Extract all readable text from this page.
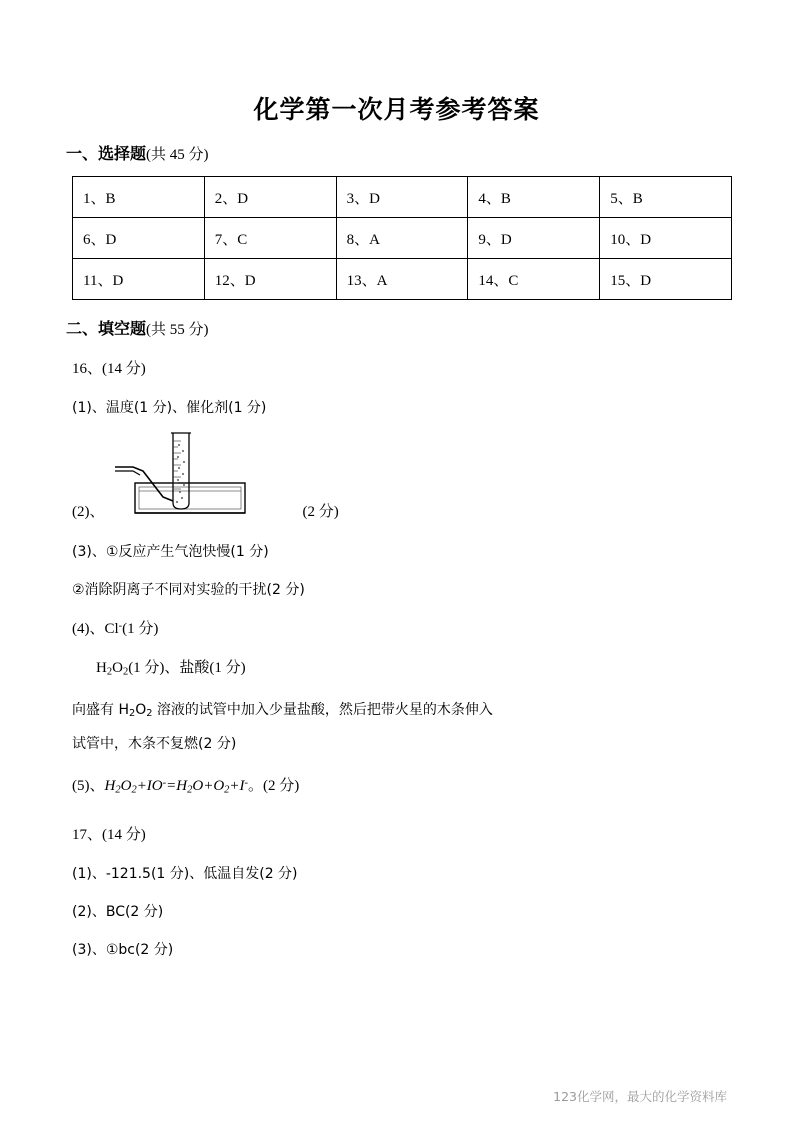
化学第一次月考参考答案
一、选择题(共 45 分)
1、B	2、D	3、D	4、B	5、B
6、D	7、C	8、A	9、D	10、D
11、D	12、D	13、A	14、C	15、D
二、填空题(共 55 分)
16、(14 分)
(1)、温度(1 分)、催化剂(1 分)
(2)、	(2 分)
(3)、①反应产生气泡快慢(1 分)
②消除阴离子不同对实验的干扰(2 分)
(4)、Cl-(1 分)
$H_2O_2(1$ 分)、盐酸(1 分)
向盛有 $H_2O_2$ 溶液的试管中加入少量盐酸，然后把带火星的木条伸入
试管中，木条不复燃(2 分)
(5)、$H_2O_2+IO^-=H_2O+O_2+I^-$。(2 分)
17、(14 分)
(1)、-121.5(1 分)、低温自发(2 分)
(2)、BC(2 分)
(3)、①bc(2 分)
123化学网，最大的化学资料库
